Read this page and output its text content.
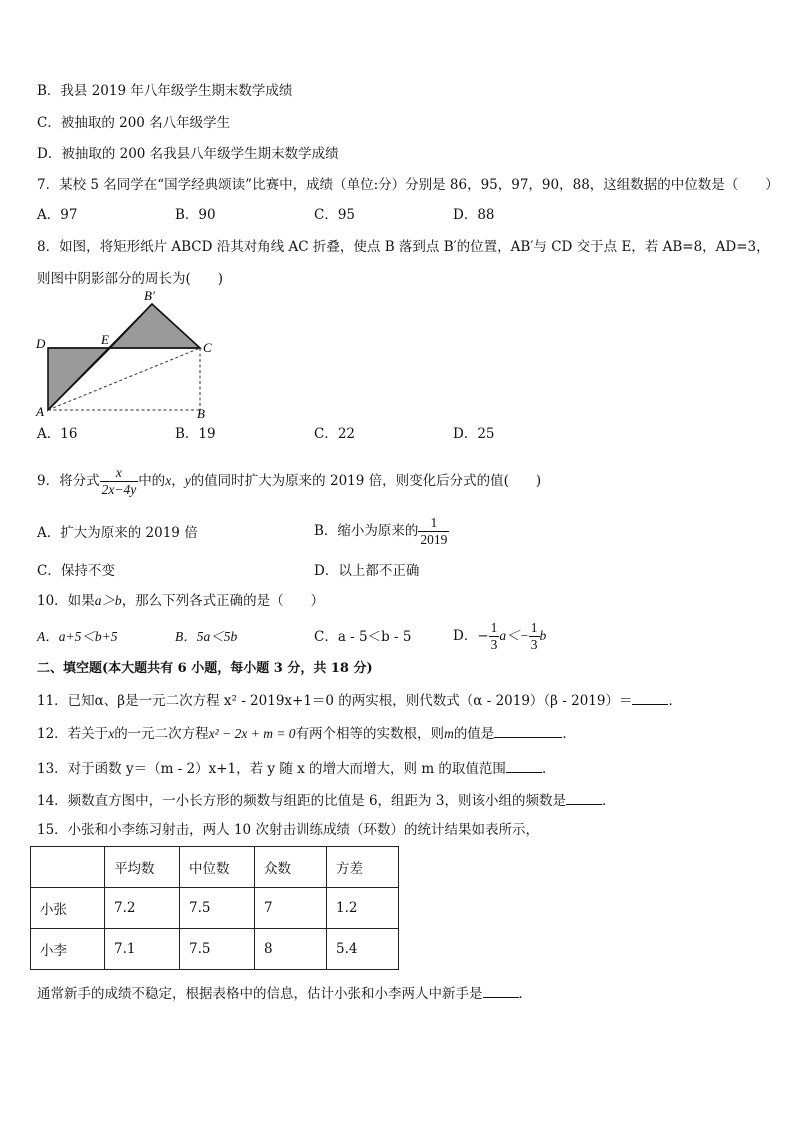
B．我县 2019 年八年级学生期末数学成绩
C．被抽取的 200 名八年级学生
D．被抽取的 200 名我县八年级学生期末数学成绩
7．某校 5 名同学在“国学经典颂读”比赛中，成绩（单位:分）分别是 86，95，97，90，88，这组数据的中位数是（　　）
A．97	B．90	C．95	D．88
8．如图，将矩形纸片 ABCD 沿其对角线 AC 折叠，使点 B 落到点 B′的位置，AB′与 CD 交于点 E，若 AB=8，AD=3，
则图中阴影部分的周长为(　　)
B′
D	E
C
A	B
A．16	B．19	C．22	D．25
9．将分式 $\frac{x}{2x-4y}$ 中的x，y的值同时扩大为原来的 2019 倍，则变化后分式的值(　　)
A．扩大为原来的 2019 倍	B．缩小为原来的 $\frac{1}{2019}$
C．保持不变	D．以上都不正确
10．如果a＞b，那么下列各式正确的是（　　）
A．a+5＜b+5	B．5a＜5b	C．a - 5＜b - 5	D．− $\frac{1}{3} a<- \frac{1}{3}$ b
二、填空题(本大题共有 6 小题，每小题 3 分，共 18 分)
11．已知α、β是一元二次方程 x² - 2019x+1＝0 的两实根，则代数式（α - 2019）（β - 2019）＝	．
12．若关于x的一元二次方程x² − 2x + m = 0有两个相等的实数根，则m的值是	．
13．对于函数 y＝（m - 2）x+1，若 y 随 x 的增大而增大，则 m 的取值范围	．
14．频数直方图中，一小长方形的频数与组距的比值是 6，组距为 3，则该小组的频数是	．
15．小张和小李练习射击，两人 10 次射击训练成绩（环数）的统计结果如表所示，
	平均数	中位数	众数	方差
小张	7.2	7.5	7	1.2
小李	7.1	7.5	8	5.4
通常新手的成绩不稳定，根据表格中的信息，估计小张和小李两人中新手是	．
